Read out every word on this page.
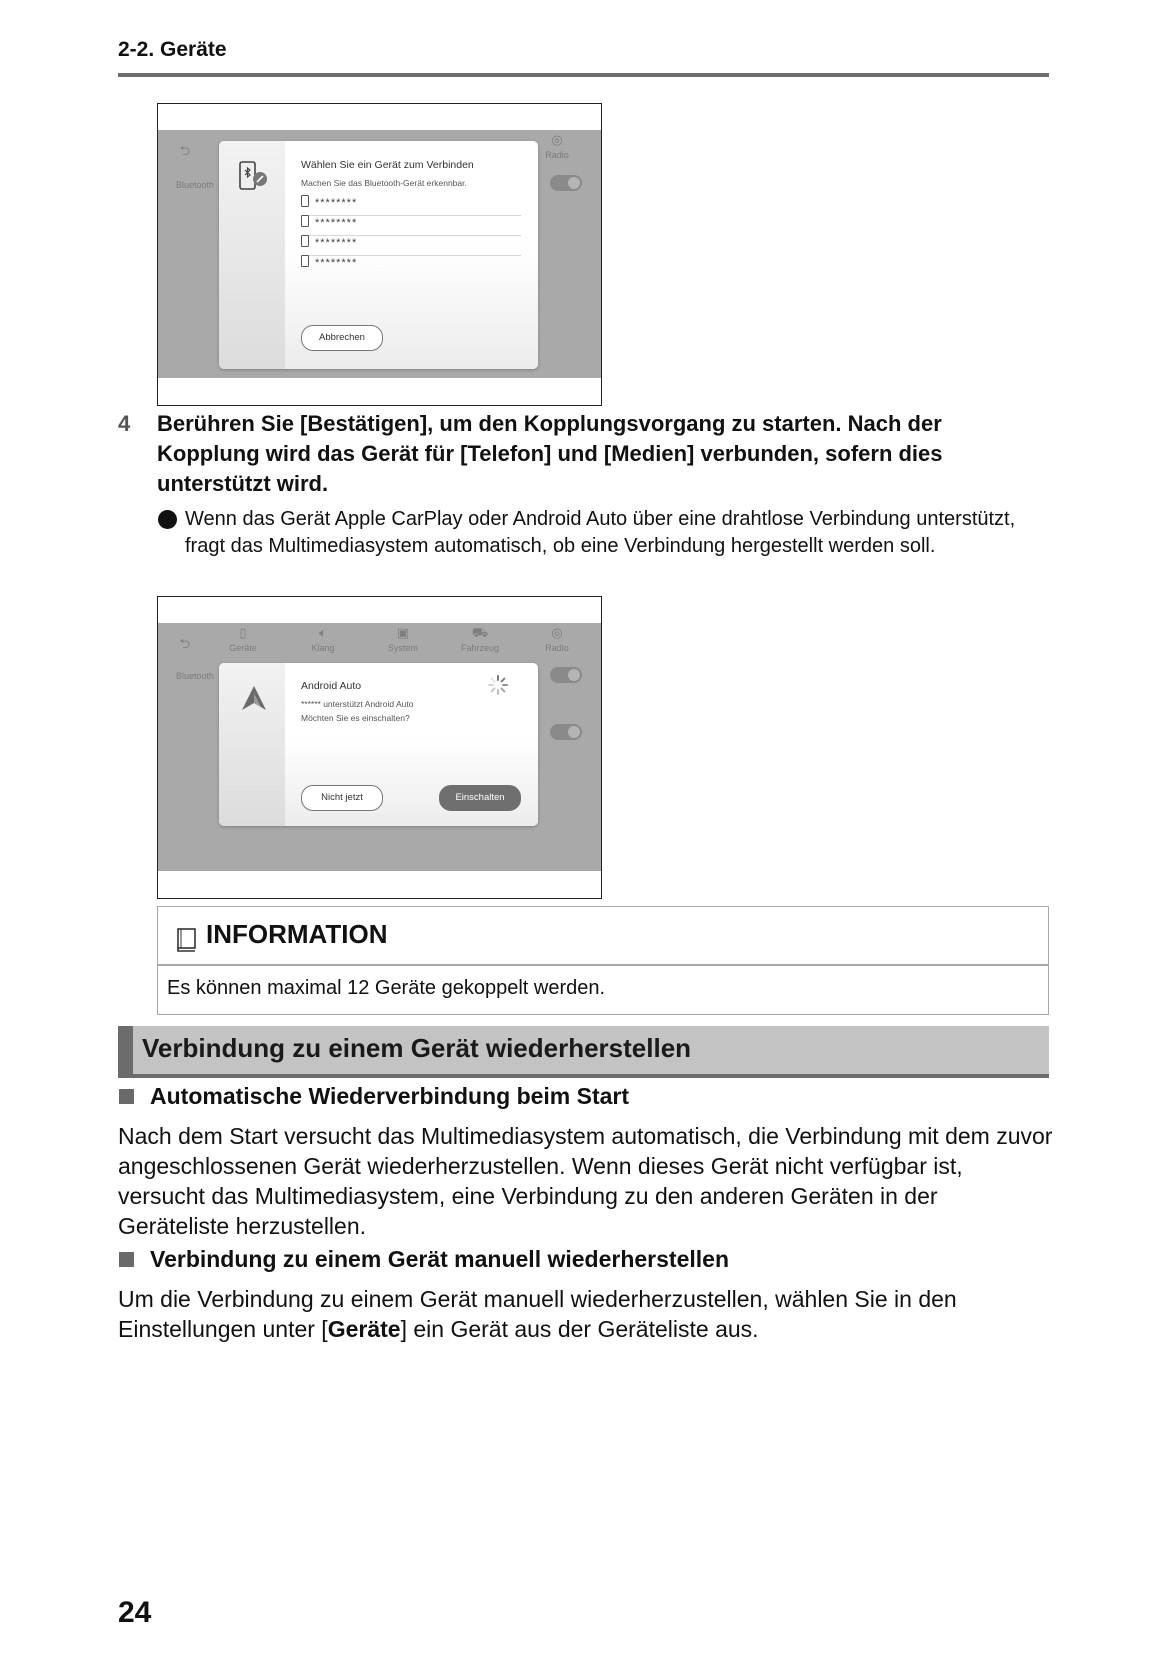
2-2. Geräte
⮌
Bluetooth
◎
Radio
Wählen Sie ein Gerät zum Verbinden
Machen Sie das Bluetooth-Gerät erkennbar.
********
********
********
********
Abbrechen
4 Berühren Sie [Bestätigen], um den Kopplungsvorgang zu starten. Nach der Kopplung wird das Gerät für [Telefon] und [Medien] verbunden, sofern dies unterstützt wird.
Wenn das Gerät Apple CarPlay oder Android Auto über eine drahtlose Verbindung unterstützt, fragt das Multimediasystem automatisch, ob eine Verbindung hergestellt werden soll.
⮌
▯
Geräte
🔈︎
Klang
▣
System
⛟
Fahrzeug
◎
Radio
Bluetooth
Android Auto
****** unterstützt Android Auto
Möchten Sie es einschalten?
Nicht jetzt	Einschalten
INFORMATION
Es können maximal 12 Geräte gekoppelt werden.
Verbindung zu einem Gerät wiederherstellen
Automatische Wiederverbindung beim Start
Nach dem Start versucht das Multimediasystem automatisch, die Verbindung mit dem zuvor angeschlossenen Gerät wiederherzustellen. Wenn dieses Gerät nicht verfügbar ist, versucht das Multimediasystem, eine Verbindung zu den anderen Geräten in der Geräteliste herzustellen.
Verbindung zu einem Gerät manuell wiederherstellen
Um die Verbindung zu einem Gerät manuell wiederherzustellen, wählen Sie in den Einstellungen unter [Geräte] ein Gerät aus der Geräteliste aus.
24
